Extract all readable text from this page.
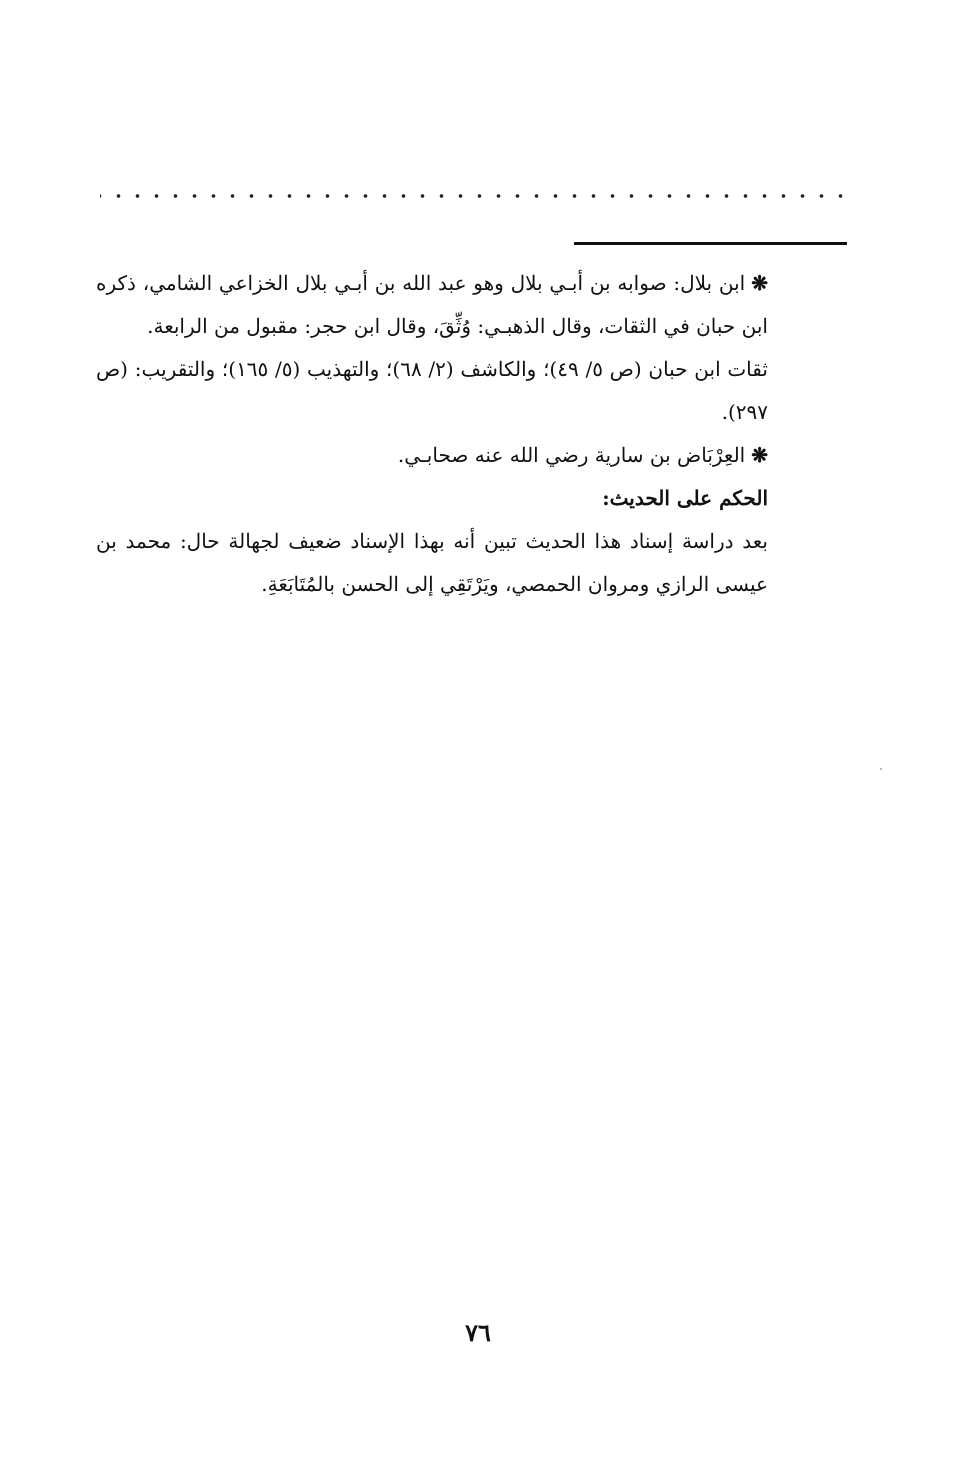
❋ابن بلال: صوابه بن أبـي بلال وهو عبد الله بن أبـي بلال الخزاعي الشامي، ذكره ابن حبان في الثقات، وقال الذهبـي: وُثِّقَ، وقال ابن حجر: مقبول من الرابعة.

ثقات ابن حبان (ص ٥/ ٤٩)؛ والكاشف (٢/ ٦٨)؛ والتهذيب (٥/ ١٦٥)؛ والتقريب: (ص ٢٩٧).

❋العِرْبَاض بن سارية رضي الله عنه صحابـي.

الحكم على الحديث:

بعد دراسة إسناد هذا الحديث تبين أنه بهذا الإسناد ضعيف لجهالة حال: محمد بن عيسى الرازي ومروان الحمصي، ويَرْتَقِي إلى الحسن بالمُتَابَعَةِ.

٧٦
